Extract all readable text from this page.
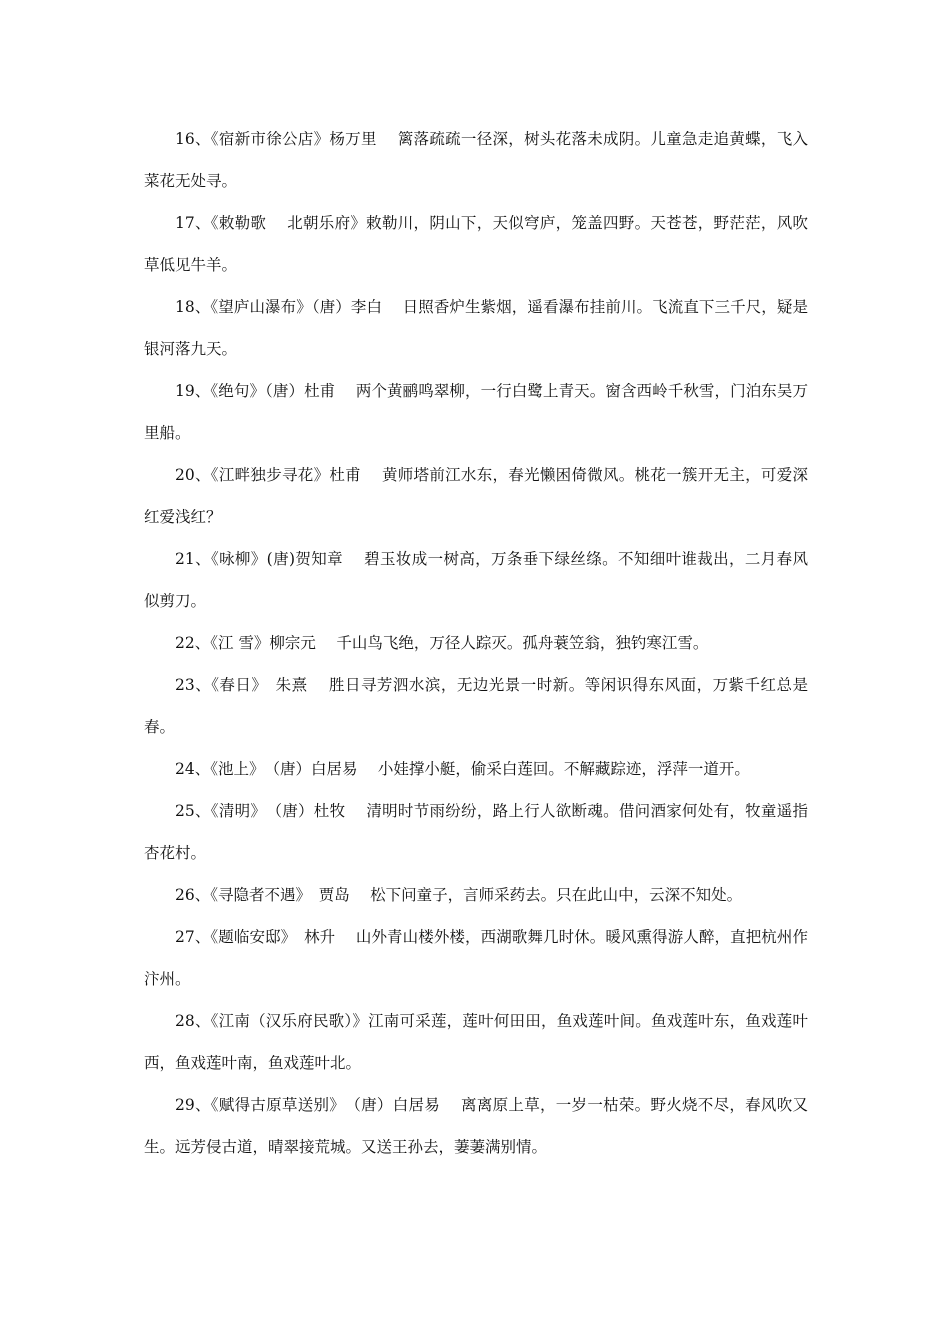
16、《宿新市徐公店》杨万里　 篱落疏疏一径深，树头花落未成阴。儿童急走追黄蝶，飞入菜花无处寻。

17、《敕勒歌　 北朝乐府》敕勒川，阴山下，天似穹庐，笼盖四野。天苍苍，野茫茫，风吹草低见牛羊。

18、《望庐山瀑布》（唐）李白　 日照香炉生紫烟，遥看瀑布挂前川。飞流直下三千尺，疑是银河落九天。

19、《绝句》（唐）杜甫　 两个黄鹂鸣翠柳，一行白鹭上青天。窗含西岭千秋雪，门泊东吴万里船。

20、《江畔独步寻花》杜甫　 黄师塔前江水东，春光懒困倚微风。桃花一簇开无主，可爱深红爱浅红？

21、《咏柳》(唐)贺知章　 碧玉妆成一树高，万条垂下绿丝绦。不知细叶谁裁出，二月春风似剪刀。

22、《江 雪》柳宗元　 千山鸟飞绝，万径人踪灭。孤舟蓑笠翁，独钓寒江雪。

23、《春日》　朱熹　 胜日寻芳泗水滨，无边光景一时新。等闲识得东风面，万紫千红总是春。

24、《池上》　（唐）白居易　 小娃撑小艇，偷采白莲回。不解藏踪迹，浮萍一道开。

25、《清明》　（唐）杜牧　 清明时节雨纷纷，路上行人欲断魂。借问酒家何处有，牧童遥指杏花村。

26、《寻隐者不遇》　贾岛　 松下问童子，言师采药去。只在此山中，云深不知处。

27、《题临安邸》　林升　 山外青山楼外楼，西湖歌舞几时休。暖风熏得游人醉，直把杭州作汴州。

28、《江南（汉乐府民歌）》江南可采莲，莲叶何田田，鱼戏莲叶间。鱼戏莲叶东，鱼戏莲叶西，鱼戏莲叶南，鱼戏莲叶北。

29、《赋得古原草送别》　（唐）白居易　 离离原上草，一岁一枯荣。野火烧不尽，春风吹又生。远芳侵古道，晴翠接荒城。又送王孙去，萋萋满别情。
